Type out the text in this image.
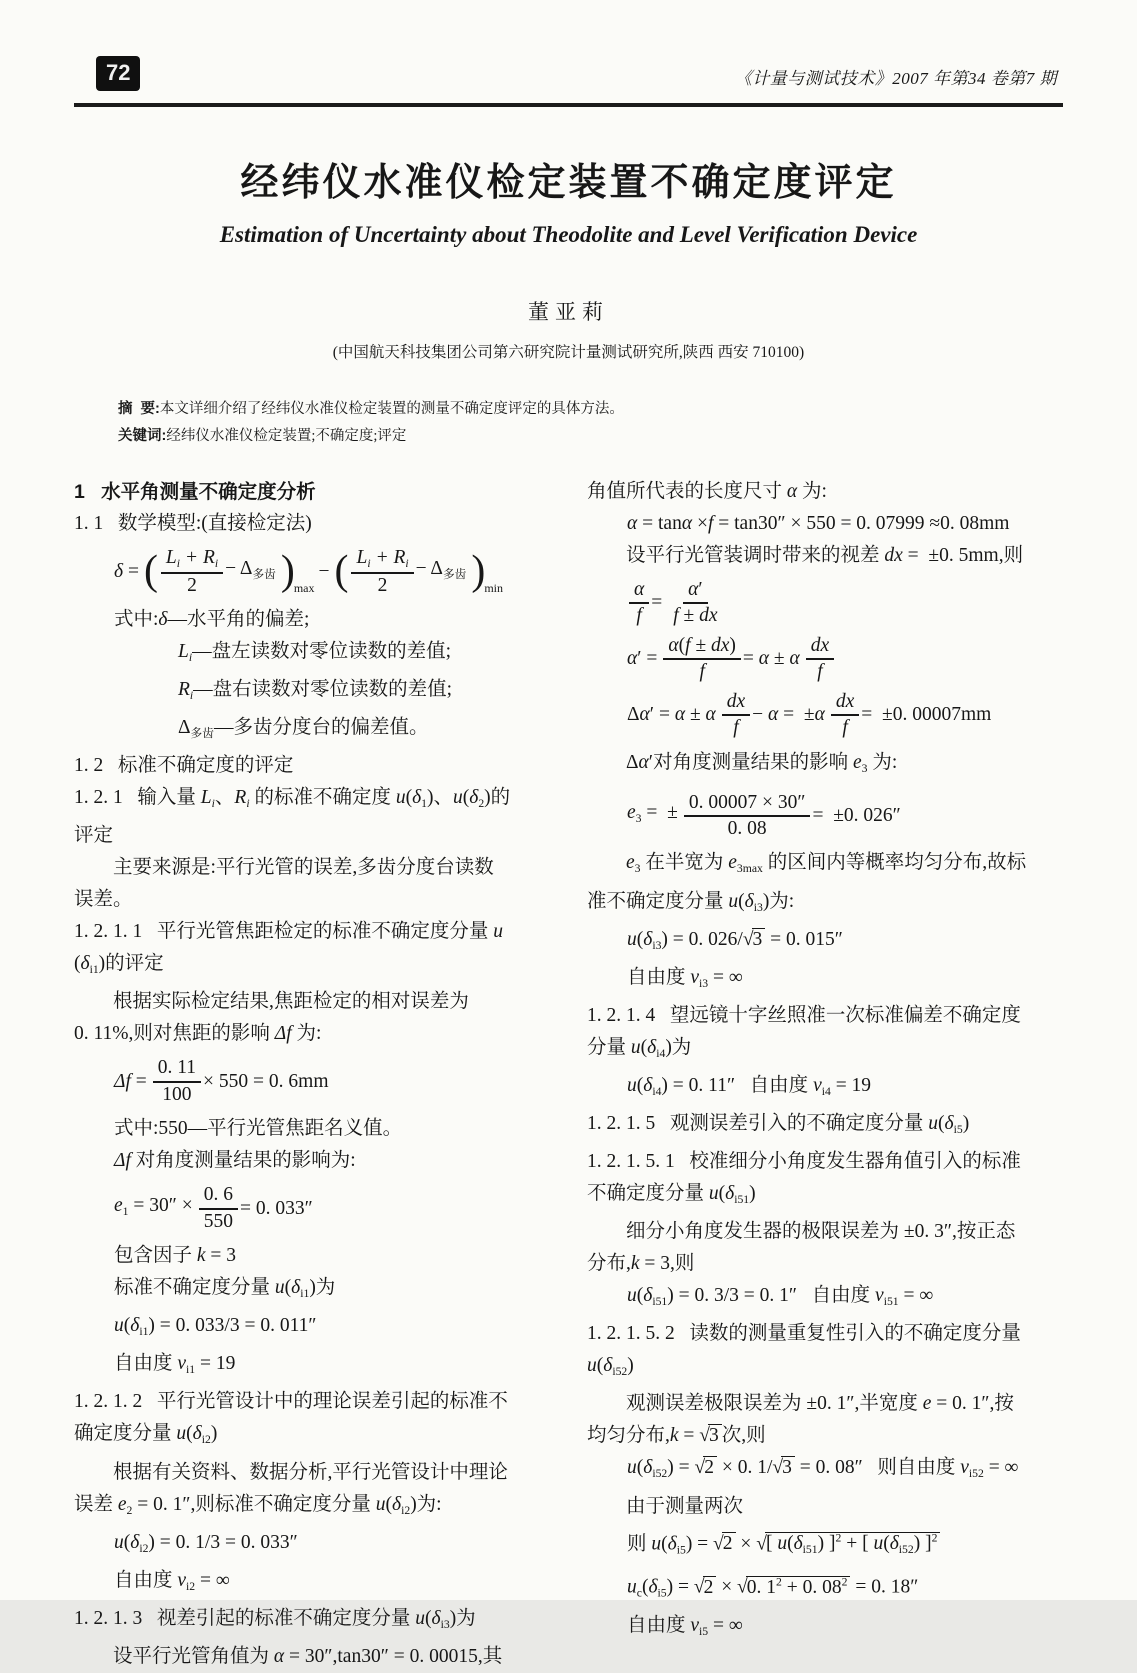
72	《计量与测试技术》2007 年第34 卷第7 期
经纬仪水准仪检定装置不确定度评定
Estimation of Uncertainty about Theodolite and Level Verification Device
董亚莉
(中国航天科技集团公司第六研究院计量测试研究所,陕西 西安 710100)
摘  要:本文详细介绍了经纬仪水准仪检定装置的测量不确定度评定的具体方法。
关键词:经纬仪水准仪检定装置;不确定度;评定
1   水平角测量不确定度分析
1. 1   数学模型:(直接检定法)
δ = ( $\frac{L_i + R_i}{2} - \Delta_{多齿}$ ) max
− ( $\frac{L_i + R_i}{2} - \Delta_{多齿}$ ) min
式中:δ—水平角的偏差;
$L_i—$盘左读数对零位读数的差值;
$R_i—$盘右读数对零位读数的差值;
$\Delta_{多齿}—$多齿分度台的偏差值。
1. 2   标准不确定度的评定
1. 2. 1   输入量 $L_i$、$R_i$ 的标准不确定度 $u(\delta_1)$、$u(\delta_2)$的
评定
主要来源是:平行光管的误差,多齿分度台读数
误差。
1. 2. 1. 1   平行光管焦距检定的标准不确定度分量 u
$(\delta_{i1})$的评定
根据实际检定结果,焦距检定的相对误差为
0. 11%,则对焦距的影响 Δf 为:
$\Delta f = \frac{0. 11}{100} \times 550 = 0$. 6mm
式中:550—平行光管焦距名义值。
Δf 对角度测量结果的影响为:
$e_1 = 30'' \times \frac{0. 6}{550} = 0$. 033″
包含因子 k = 3
标准不确定度分量 $u(\delta_{i1})$为
$u(\delta_{i1}) = 0$. 033/3 = 0. 011″
自由度 $v_{i1} = 19$
1. 2. 1. 2   平行光管设计中的理论误差引起的标准不
确定度分量 $u(\delta_{i2})$
根据有关资料、数据分析,平行光管设计中理论
误差 $e_2 = 0$. 1″,则标准不确定度分量 $u(\delta_{i2})$为:
$u(\delta_{i2}) = 0$. 1/3 = 0. 033″
自由度 $v_{i2}$ = ∞
1. 2. 1. 3   视差引起的标准不确定度分量 $u(\delta_{i3})$为
设平行光管角值为 α = 30″,tan30″ = 0. 00015,其
角值所代表的长度尺寸 α 为:
α = tanα ×f = tan30″ × 550 = 0. 07999 ≈0. 08mm
设平行光管装调时带来的视差 dx =  ±0. 5mm,则
$\frac{\alpha}{f} = \frac{\alpha'}{f \pm dx}$
$\alpha' = \frac{\alpha(f \pm dx)}{f} = \alpha \pm \alpha \frac{dx}{f}$
Δα′ = α ± α $\frac{dx}{f} - \alpha = \pm\alpha \frac{dx}{f} = \pm 0$. 00007mm
Δα′对角度测量结果的影响 $e_3$ 为:
$e_3$ =  ± $\frac{0. 00007 \times 30''}{0. 08} = \pm 0$. 026″
$e_3$ 在半宽为 $e_{3max}$ 的区间内等概率均匀分布,故标
准不确定度分量 $u(\delta_{i3})$为:
$u(\delta_{i3}) = 0$. 026/√3 = 0. 015″
自由度 $v_{i3}$ = ∞
1. 2. 1. 4   望远镜十字丝照准一次标准偏差不确定度
分量 $u(\delta_{i4})$为
$u(\delta_{i4}) = 0$. 11″   自由度 $v_{i4} = 19$
1. 2. 1. 5   观测误差引入的不确定度分量 $u(\delta_{i5})$
1. 2. 1. 5. 1   校准细分小角度发生器角值引入的标准
不确定度分量 $u(\delta_{i51})$
细分小角度发生器的极限误差为 ±0. 3″,按正态
分布,k = 3,则
$u(\delta_{i51}) = 0$. 3/3 = 0. 1″   自由度 $v_{i51}$ = ∞
1. 2. 1. 5. 2   读数的测量重复性引入的不确定度分量
$u(\delta_{i52})$
观测误差极限误差为 ±0. 1″,半宽度 e = 0. 1″,按
均匀分布,k = √3 次,则
$u(\delta_{i52}) = √2 \times 0$. 1/√3 = 0. 08″   则自由度 $v_{i52}$ = ∞
由于测量两次
则 $u(\delta_{i5}) = √2$ × √[ $u(\delta_{i51}) ]^2$ + [ $u(\delta_{i52})$ ]$^2$
$u_c(\delta_{i5}) = √2 \times √0$. $1^2 + 0$. $08^2 = 0$. 18″
自由度 $v_{i5}$ = ∞
